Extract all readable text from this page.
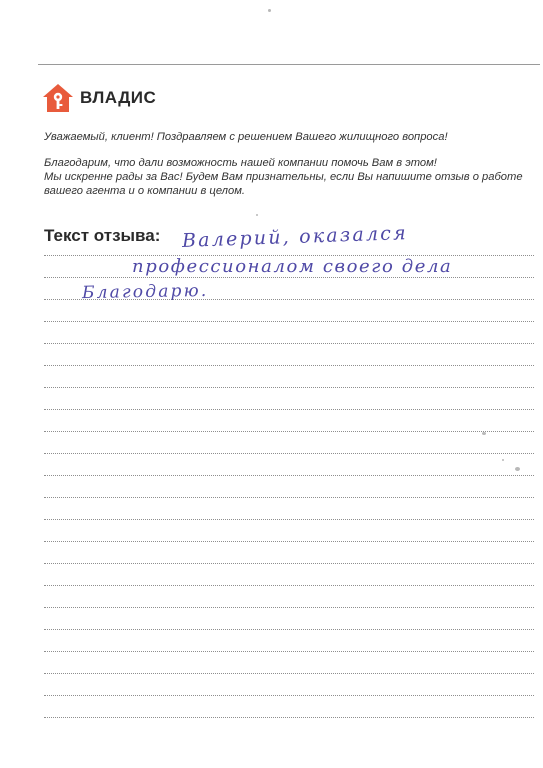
ВЛАДИС
Уважаемый, клиент! Поздравляем с решением Вашего жилищного вопроса!
Благодарим, что дали возможность нашей компании помочь Вам в этом!
Мы искренне рады за Вас! Будем Вам признательны, если Вы напишите отзыв о работе
вашего агента и о компании в целом.
Текст отзыва: Валерий, оказался
профессионалом своего дела
Благодарю.
